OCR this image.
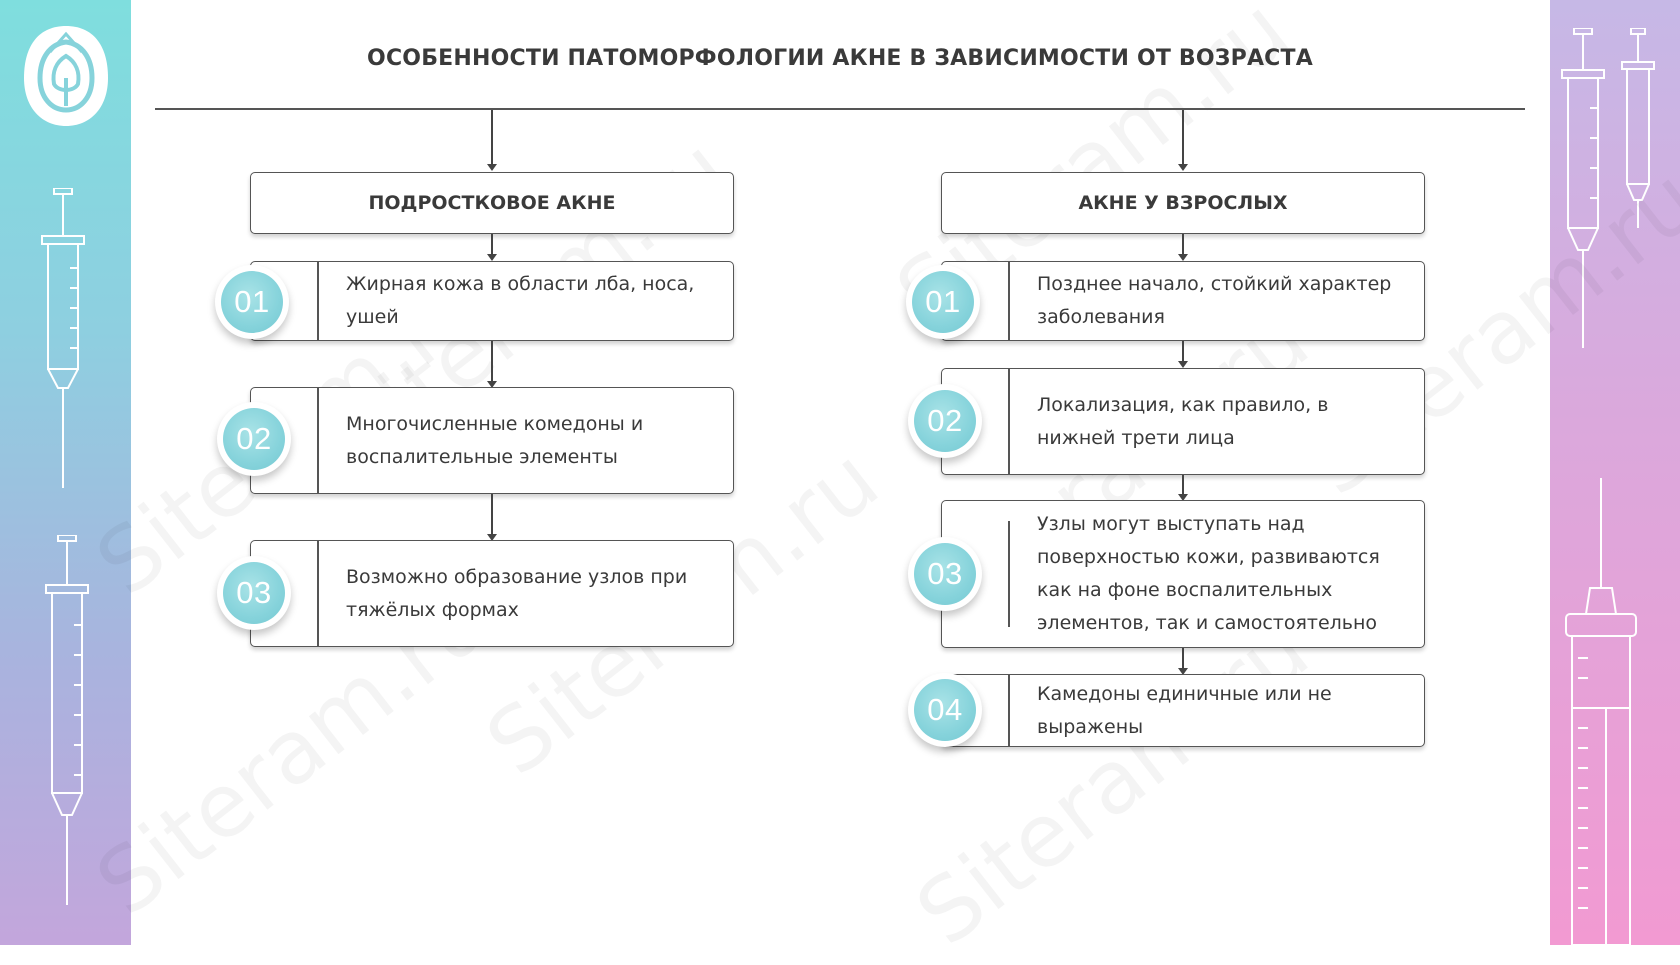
ОСОБЕННОСТИ ПАТОМОРФОЛОГИИ АКНЕ В ЗАВИСИМОСТИ ОТ ВОЗРАСТА
ПОДРОСТКОВОЕ АКНЕ
Жирная кожа в области лба, носа, ушей
01
Многочисленные комедоны и воспалительные элементы
02
Возможно образование узлов при тяжёлых формах
03
АКНЕ У ВЗРОСЛЫХ
Позднее начало, стойкий характер заболевания
01
Локализация, как правило, в нижней трети лица
02
Узлы могут выступать над поверхностью кожи, развиваются как на фоне воспалительных элементов, так и самостоятельно
03
Камедоны единичные или не выражены
04
